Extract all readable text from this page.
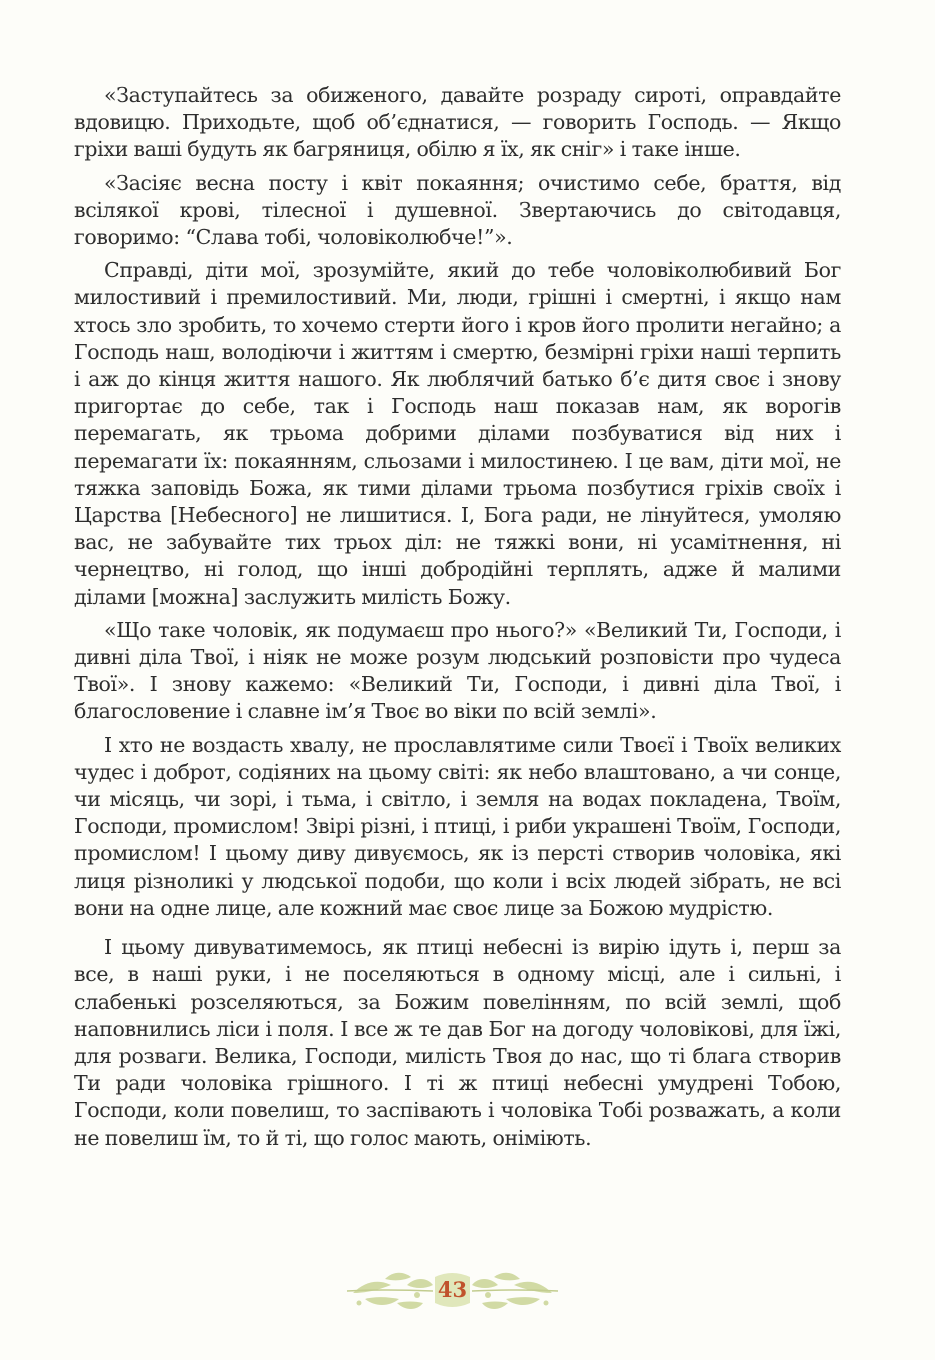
«Заступайтесь за обиженого, давайте розраду сироті, оправдайте вдовицю. Приходьте, щоб об’єднатися, — говорить Господь. — Якщо гріхи ваші будуть як багряниця, обілю я їх, як сніг» і таке інше.

«Засіяє весна посту і квіт покаяння; очистимо себе, браття, від всілякої крові, тілесної і душевної. Звертаючись до світодавця, говоримо: “Слава тобі, чоловіколюбче!”».

Справді, діти мої, зрозумійте, який до тебе чоловіколюбивий Бог милостивий і премилостивий. Ми, люди, грішні і смертні, і якщо нам хтось зло зробить, то хочемо стерти його і кров його пролити негайно; а Господь наш, володіючи і життям і смертю, безмірні гріхи наші терпить і аж до кінця життя нашого. Як люблячий батько б’є дитя своє і знову пригортає до себе, так і Господь наш показав нам, як ворогів перемагать, як трьома добрими ділами позбуватися від них і перемагати їх: покаянням, сльозами і милостинею. І це вам, діти мої, не тяжка заповідь Божа, як тими ділами трьома позбутися гріхів своїх і Царства [Небесного] не лишитися. І, Бога ради, не лінуйтеся, умоляю вас, не забувайте тих трьох діл: не тяжкі вони, ні усамітнення, ні чернецтво, ні голод, що інші добродійні терплять, адже й малими ділами [можна] заслужить милість Божу.

«Що таке чоловік, як подумаєш про нього?» «Великий Ти, Господи, і дивні діла Твої, і ніяк не може розум людський розповісти про чудеса Твої». І знову кажемо: «Великий Ти, Господи, і дивні діла Твої, і благословение і славне ім’я Твоє во віки по всій землі».

І хто не воздасть хвалу, не прославлятиме сили Твоєї і Твоїх великих чудес і доброт, содіяних на цьому світі: як небо влаштовано, а чи сонце, чи місяць, чи зорі, і тьма, і світло, і земля на водах покладена, Твоїм, Господи, промислом! Звірі різні, і птиці, і риби украшені Твоїм, Господи, промислом! І цьому диву дивуємось, як із персті створив чоловіка, які лиця різноликі у людської подоби, що коли і всіх людей зібрать, не всі вони на одне лице, але кожний має своє лице за Божою мудрістю.

І цьому дивуватимемось, як птиці небесні із вирію ідуть і, перш за все, в наші руки, і не поселяються в одному місці, але і сильні, і слабенькі розселяються, за Божим повелінням, по всій землі, щоб наповнились ліси і поля. І все ж те дав Бог на догоду чоловікові, для їжі, для розваги. Велика, Господи, милість Твоя до нас, що ті блага створив Ти ради чоловіка грішного. І ті ж птиці небесні умудрені Тобою, Господи, коли повелиш, то заспівають і чоловіка Тобі розважать, а коли не повелиш їм, то й ті, що голос мають, оніміють.

43
